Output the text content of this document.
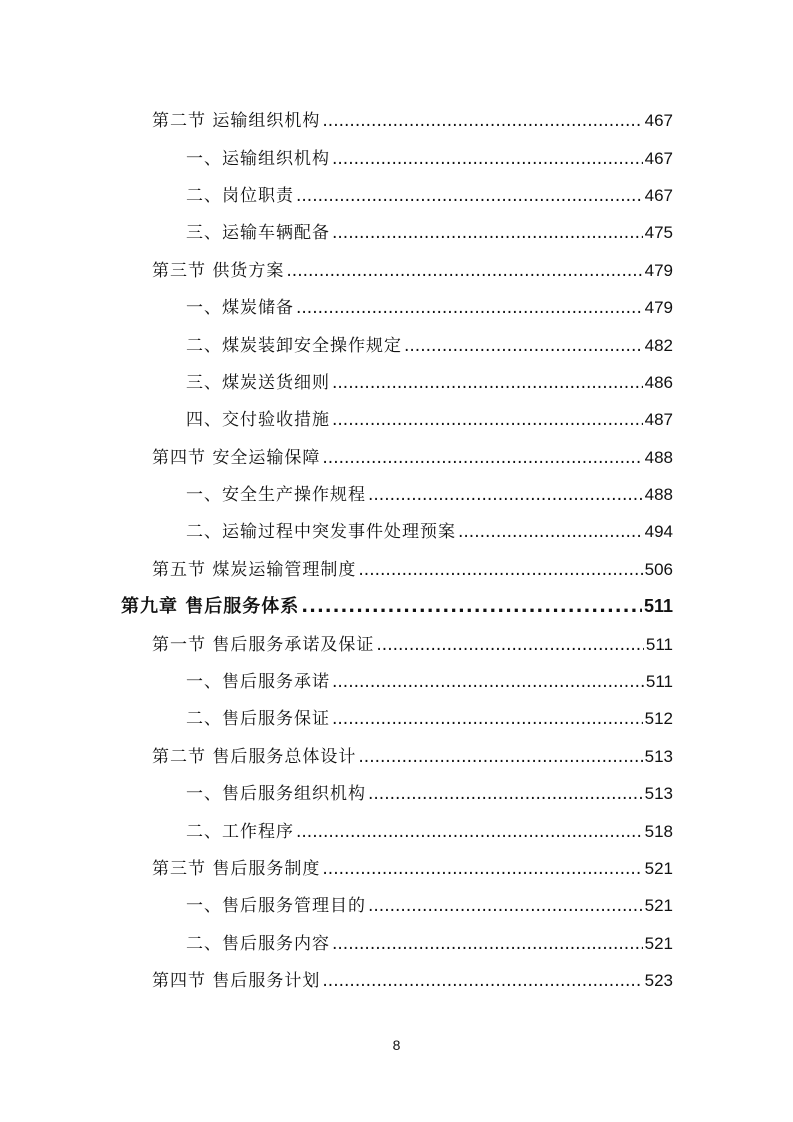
第二节 运输组织机构 .....	467
一、运输组织机构 .....	467
二、岗位职责 .....	467
三、运输车辆配备 .....	475
第三节 供货方案 .....	479
一、煤炭储备 .....	479
二、煤炭装卸安全操作规定 .....	482
三、煤炭送货细则 .....	486
四、交付验收措施 .....	487
第四节 安全运输保障 .....	488
一、安全生产操作规程 .....	488
二、运输过程中突发事件处理预案 .....	494
第五节 煤炭运输管理制度 .....	506
第九章 售后服务体系 .....	511
第一节 售后服务承诺及保证 .....	511
一、售后服务承诺 .....	511
二、售后服务保证 .....	512
第二节 售后服务总体设计 .....	513
一、售后服务组织机构 .....	513
二、工作程序 .....	518
第三节 售后服务制度 .....	521
一、售后服务管理目的 .....	521
二、售后服务内容 .....	521
第四节 售后服务计划 .....	523
8
